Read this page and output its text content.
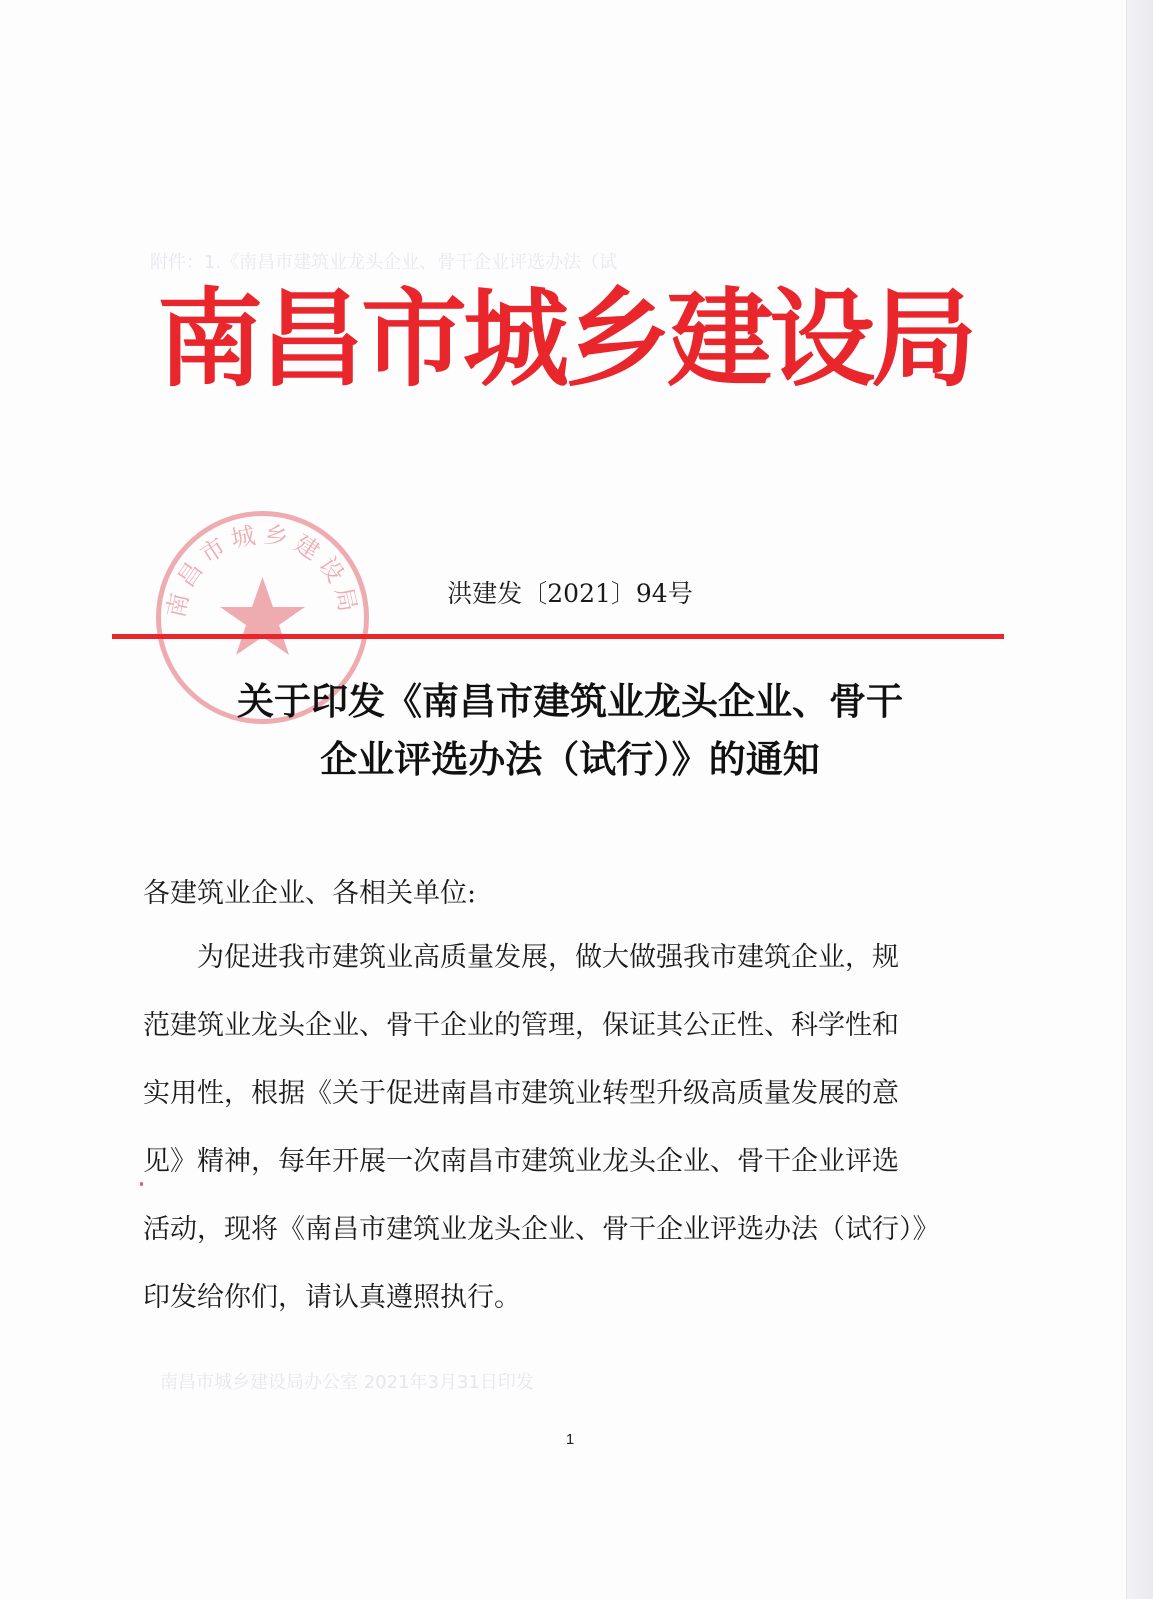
附件：1.《南昌市建筑业龙头企业、骨干企业评选办法（试
南昌市城乡建设局
南昌市城乡建设局	洪建发〔2021〕94号
关于印发《南昌市建筑业龙头企业、骨干
企业评选办法（试行）》的通知
各建筑业企业、各相关单位:
　　为促进我市建筑业高质量发展，做大做强我市建筑企业，规
范建筑业龙头企业、骨干企业的管理，保证其公正性、科学性和
实用性，根据《关于促进南昌市建筑业转型升级高质量发展的意
见》精神，每年开展一次南昌市建筑业龙头企业、骨干企业评选
活动，现将《南昌市建筑业龙头企业、骨干企业评选办法（试行）》
印发给你们，请认真遵照执行。
南昌市城乡建设局办公室 2021年3月31日印发
1
